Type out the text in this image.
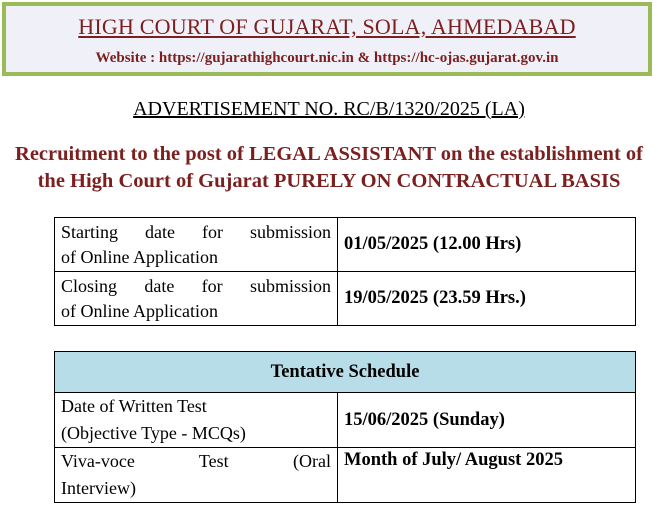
HIGH COURT OF GUJARAT, SOLA, AHMEDABAD
Website : https://gujarathighcourt.nic.in & https://hc-ojas.gujarat.gov.in
ADVERTISEMENT NO. RC/B/1320/2025 (LA)
Recruitment to the post of LEGAL ASSISTANT on the establishment of
the High Court of Gujarat PURELY ON CONTRACTUAL BASIS
Starting date for submission
of Online Application	01/05/2025 (12.00 Hrs)

Closing date for submission
of Online Application	19/05/2025 (23.59 Hrs.)
Tentative Schedule	

Date of Written Test
(Objective Type - MCQs)	15/06/2025 (Sunday)

Viva-voce Test (Oral
Interview)	Month of July/ August 2025
